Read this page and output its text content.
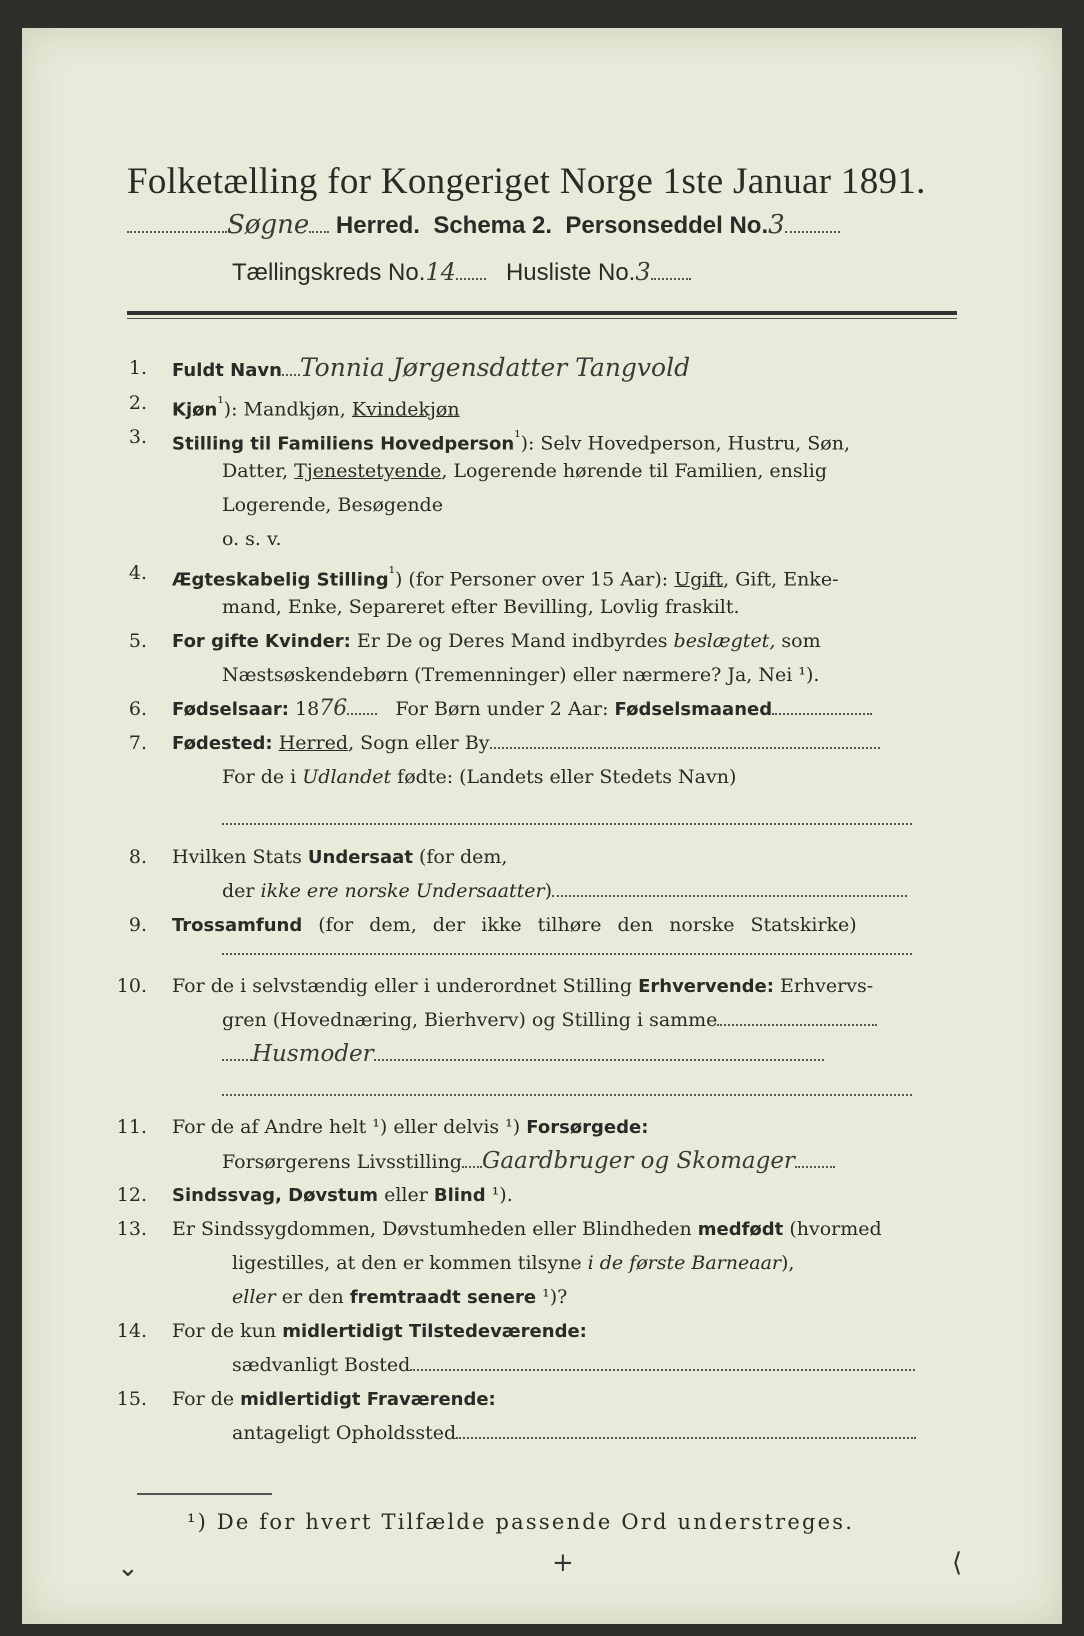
Folketælling for Kongeriget Norge 1ste Januar 1891.
Søgne Herred. Schema 2. Personseddel No.3
Tællingskreds No.14 Husliste No.3
1. Fuldt Navn Tonnia Jørgensdatter Tangvold
2. Kjøn$^{^1}$): Mandkjøn, Kvindekjøn
3. Stilling til Familiens Hovedperson$^{^1}$): Selv Hovedperson, Hustru, Søn,
Datter, Tjenestetyende, Logerende hørende til Familien, enslig
Logerende, Besøgende
o. s. v.
4. Ægteskabelig Stilling$^{^1}$) (for Personer over 15 Aar): Ugift, Gift, Enke-
mand, Enke, Separeret efter Bevilling, Lovlig fraskilt.
5. For gifte Kvinder: Er De og Deres Mand indbyrdes beslægtet, som
Næstsøskendebørn (Tremenninger) eller nærmere? Ja, Nei ¹).
6. Fødselsaar: 1876	For Børn under 2 Aar: Fødselsmaaned
7. Fødested: Herred, Sogn eller By
For de i Udlandet fødte: (Landets eller Stedets Navn)
8. Hvilken Stats Undersaat (for dem,
der ikke ere norske Undersaatter)
9. Trossamfund (for dem, der ikke tilhøre den norske Statskirke)
10. For de i selvstændig eller i underordnet Stilling Erhvervende: Erhvervs-
gren (Hovednæring, Bierhverv) og Stilling i samme
Husmoder
11. For de af Andre helt ¹) eller delvis ¹) Forsørgede:
Forsørgerens Livsstilling Gaardbruger og Skomager
12. Sindssvag, Døvstum eller Blind ¹).
13. Er Sindssygdommen, Døvstumheden eller Blindheden medfødt (hvormed
ligestilles, at den er kommen tilsyne i de første Barneaar),
eller er den fremtraadt senere ¹)?
14. For de kun midlertidigt Tilstedeværende:
sædvanligt Bosted
15. For de midlertidigt Fraværende:
antageligt Opholdssted
¹) De for hvert Tilfælde passende Ord understreges.
⌄	+	⟨
